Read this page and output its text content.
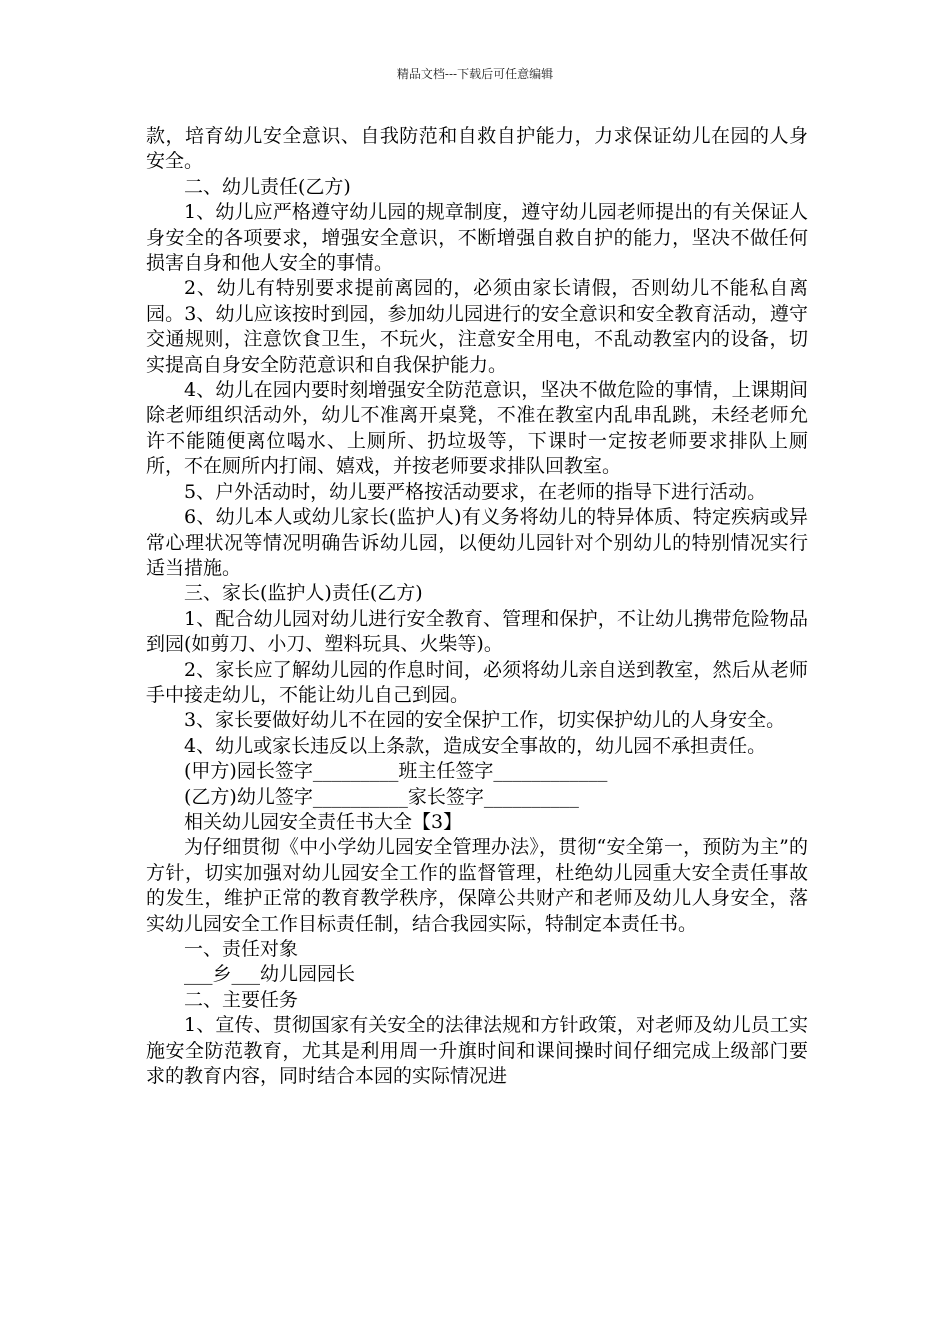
精品文档---下载后可任意编辑

款，培育幼儿安全意识、自我防范和自救自护能力，力求保证幼儿在园的人身安全。

二、幼儿责任(乙方)

1、幼儿应严格遵守幼儿园的规章制度，遵守幼儿园老师提出的有关保证人身安全的各项要求，增强安全意识，不断增强自救自护的能力，坚决不做任何损害自身和他人安全的事情。

2、幼儿有特别要求提前离园的，必须由家长请假，否则幼儿不能私自离园。3、幼儿应该按时到园，参加幼儿园进行的安全意识和安全教育活动，遵守交通规则，注意饮食卫生，不玩火，注意安全用电，不乱动教室内的设备，切实提高自身安全防范意识和自我保护能力。

4、幼儿在园内要时刻增强安全防范意识，坚决不做危险的事情，上课期间除老师组织活动外，幼儿不准离开桌凳，不准在教室内乱串乱跳，未经老师允许不能随便离位喝水、上厕所、扔垃圾等，下课时一定按老师要求排队上厕所，不在厕所内打闹、嬉戏，并按老师要求排队回教室。

5、户外活动时，幼儿要严格按活动要求，在老师的指导下进行活动。

6、幼儿本人或幼儿家长(监护人)有义务将幼儿的特异体质、特定疾病或异常心理状况等情况明确告诉幼儿园，以便幼儿园针对个别幼儿的特别情况实行适当措施。

三、家长(监护人)责任(乙方)

1、配合幼儿园对幼儿进行安全教育、管理和保护，不让幼儿携带危险物品到园(如剪刀、小刀、塑料玩具、火柴等)。

2、家长应了解幼儿园的作息时间，必须将幼儿亲自送到教室，然后从老师手中接走幼儿，不能让幼儿自己到园。

3、家长要做好幼儿不在园的安全保护工作，切实保护幼儿的人身安全。

4、幼儿或家长违反以上条款，造成安全事故的，幼儿园不承担责任。

(甲方)园长签字_________班主任签字____________

(乙方)幼儿签字__________家长签字__________

相关幼儿园安全责任书大全【3】

为仔细贯彻《中小学幼儿园安全管理办法》，贯彻“安全第一，预防为主”的方针，切实加强对幼儿园安全工作的监督管理，杜绝幼儿园重大安全责任事故的发生，维护正常的教育教学秩序，保障公共财产和老师及幼儿人身安全，落实幼儿园安全工作目标责任制，结合我园实际，特制定本责任书。

一、责任对象

___乡___幼儿园园长

二、主要任务

1、宣传、贯彻国家有关安全的法律法规和方针政策，对老师及幼儿员工实施安全防范教育，尤其是利用周一升旗时间和课间操时间仔细完成上级部门要求的教育内容，同时结合本园的实际情况进
